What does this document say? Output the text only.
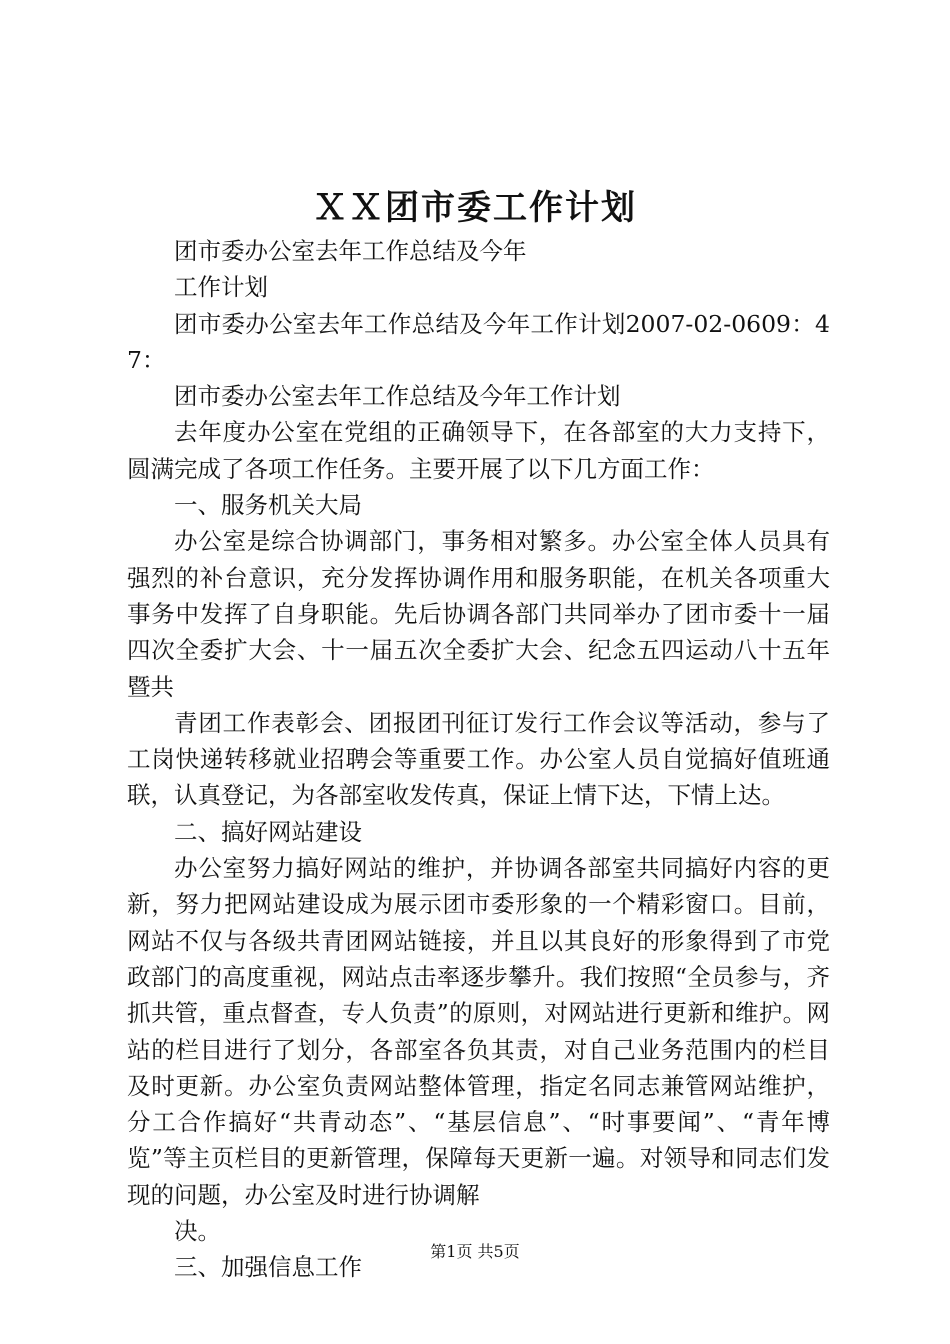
ＸＸ团市委工作计划

团市委办公室去年工作总结及今年

工作计划

团市委办公室去年工作总结及今年工作计划2007-02-0609：47：

团市委办公室去年工作总结及今年工作计划

去年度办公室在党组的正确领导下，在各部室的大力支持下，圆满完成了各项工作任务。主要开展了以下几方面工作：

一、服务机关大局

办公室是综合协调部门，事务相对繁多。办公室全体人员具有强烈的补台意识，充分发挥协调作用和服务职能，在机关各项重大事务中发挥了自身职能。先后协调各部门共同举办了团市委十一届四次全委扩大会、十一届五次全委扩大会、纪念五四运动八十五年暨共

青团工作表彰会、团报团刊征订发行工作会议等活动，参与了工岗快递转移就业招聘会等重要工作。办公室人员自觉搞好值班通联，认真登记，为各部室收发传真，保证上情下达，下情上达。

二、搞好网站建设

办公室努力搞好网站的维护，并协调各部室共同搞好内容的更新，努力把网站建设成为展示团市委形象的一个精彩窗口。目前，网站不仅与各级共青团网站链接，并且以其良好的形象得到了市党政部门的高度重视，网站点击率逐步攀升。我们按照“全员参与，齐抓共管，重点督查，专人负责”的原则，对网站进行更新和维护。网站的栏目进行了划分，各部室各负其责，对自己业务范围内的栏目及时更新。办公室负责网站整体管理，指定名同志兼管网站维护，分工合作搞好“共青动态”、“基层信息”、“时事要闻”、“青年博览”等主页栏目的更新管理，保障每天更新一遍。对领导和同志们发现的问题，办公室及时进行协调解

决。

三、加强信息工作

第1页 共5页
